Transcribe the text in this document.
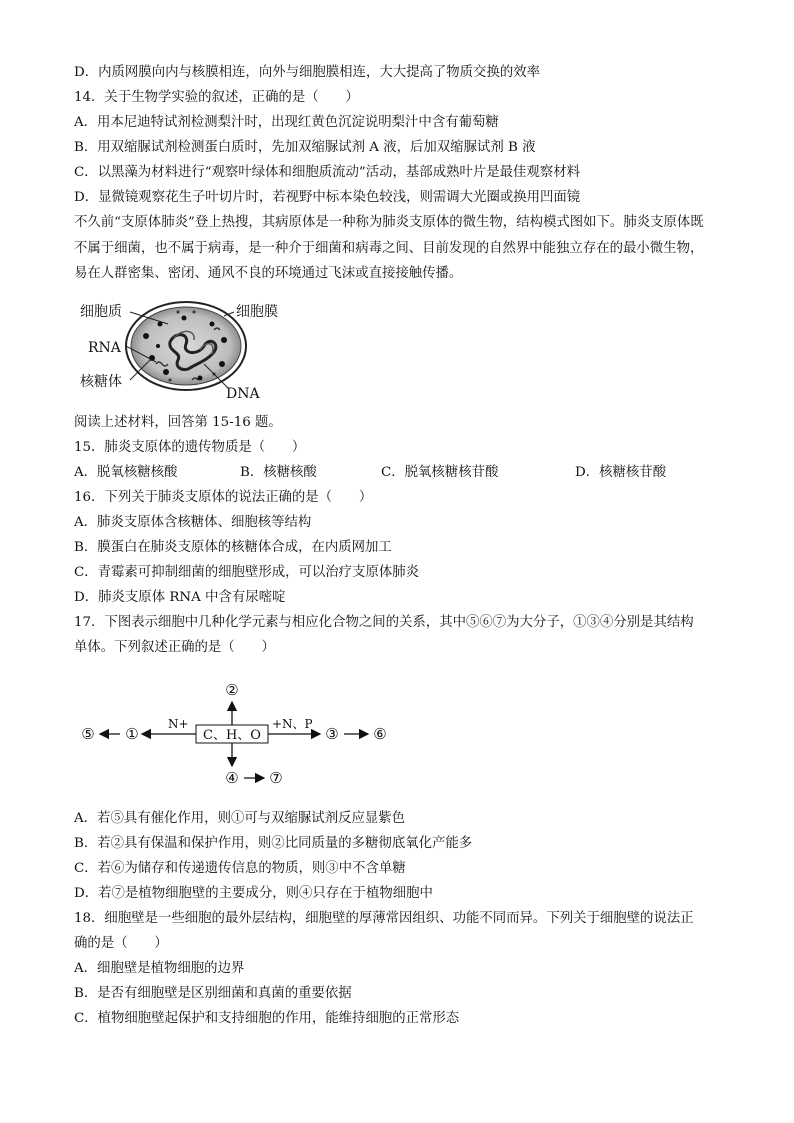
D．内质网膜向内与核膜相连，向外与细胞膜相连，大大提高了物质交换的效率
14．关于生物学实验的叙述，正确的是（　　）
A．用本尼迪特试剂检测梨汁时，出现红黄色沉淀说明梨汁中含有葡萄糖
B．用双缩脲试剂检测蛋白质时，先加双缩脲试剂 A 液，后加双缩脲试剂 B 液
C．以黑藻为材料进行“观察叶绿体和细胞质流动”活动，基部成熟叶片是最佳观察材料
D．显微镜观察花生子叶切片时，若视野中标本染色较浅，则需调大光圈或换用凹面镜
不久前“支原体肺炎”登上热搜，其病原体是一种称为肺炎支原体的微生物，结构模式图如下。肺炎支原体既
不属于细菌，也不属于病毒，是一种介于细菌和病毒之间、目前发现的自然界中能独立存在的最小微生物，
易在人群密集、密闭、通风不良的环境通过飞沫或直接接触传播。
细胞质	细胞膜
RNA
核糖体
DNA
阅读上述材料，回答第 15-16 题。
15．肺炎支原体的遗传物质是（　　）
A．脱氧核糖核酸	B．核糖核酸	C．脱氧核糖核苷酸	D．核糖核苷酸
16．下列关于肺炎支原体的说法正确的是（　　）
A．肺炎支原体含核糖体、细胞核等结构
B．膜蛋白在肺炎支原体的核糖体合成，在内质网加工
C．青霉素可抑制细菌的细胞壁形成，可以治疗支原体肺炎
D．肺炎支原体 RNA 中含有尿嘧啶
17．下图表示细胞中几种化学元素与相应化合物之间的关系，其中⑤⑥⑦为大分子，①③④分别是其结构
单体。下列叙述正确的是（　　）
C、H、O
②
④ ⑦
N+
①
⑤
+N、P
③ ⑥
A．若⑤具有催化作用，则①可与双缩脲试剂反应显紫色
B．若②具有保温和保护作用，则②比同质量的多糖彻底氧化产能多
C．若⑥为储存和传递遗传信息的物质，则③中不含单糖
D．若⑦是植物细胞壁的主要成分，则④只存在于植物细胞中
18．细胞壁是一些细胞的最外层结构，细胞壁的厚薄常因组织、功能不同而异。下列关于细胞壁的说法正
确的是（　　）
A．细胞壁是植物细胞的边界
B．是否有细胞壁是区别细菌和真菌的重要依据
C．植物细胞壁起保护和支持细胞的作用，能维持细胞的正常形态
